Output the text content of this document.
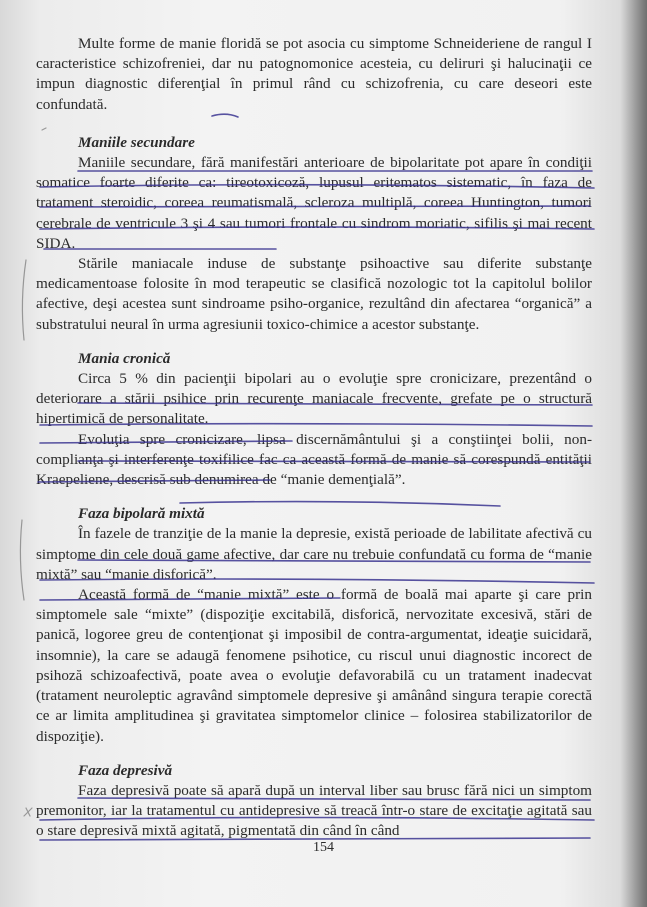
Multe forme de manie floridă se pot asocia cu simptome Schneideriene de rangul I caracteristice schizofreniei, dar nu patognomonice acesteia, cu deliruri şi halucinaţii ce impun diagnostic diferenţial în primul rând cu schizofrenia, cu care deseori este confundată.

Maniile secundare

Maniile secundare, fără manifestări anterioare de bipolaritate pot apare în condiţii somatice foarte diferite ca: tireotoxicoză, lupusul eritematos sistematic, în faza de tratament steroidic, coreea reumatismală, scleroza multiplă, coreea Huntington, tumori cerebrale de ventricule 3 şi 4 sau tumori frontale cu sindrom moriatic, sifilis şi mai recent SIDA.

Stările maniacale induse de substanţe psihoactive sau diferite substanţe medicamentoase folosite în mod terapeutic se clasifică nozologic tot la capitolul bolilor afective, deşi acestea sunt sindroame psiho-organice, rezultând din afectarea “organică” a substratului neural în urma agresiunii toxico-chimice a acestor substanţe.

Mania cronică

Circa 5 % din pacienţii bipolari au o evoluţie spre cronicizare, prezentând o deteriorare a stării psihice prin recurenţe maniacale frecvente, grefate pe o structură hipertimică de personalitate.

Evoluţia spre cronicizare, lipsa discernământului şi a conştiinţei bolii, non-complianţa şi interferenţe toxifilice fac ca această formă de manie să corespundă entităţii Kraepeliene, descrisă sub denumirea de “manie demenţială”.

Faza bipolară mixtă

În fazele de tranziţie de la manie la depresie, există perioade de labilitate afectivă cu simptome din cele două game afective, dar care nu trebuie confundată cu forma de “manie mixtă” sau “manie disforică”.

Această formă de “manie mixtă” este o formă de boală mai aparte şi care prin simptomele sale “mixte” (dispoziţie excitabilă, disforică, nervozitate excesivă, stări de panică, logoree greu de contenţionat şi imposibil de contra-argumentat, ideaţie suicidară, insomnie), la care se adaugă fenomene psihotice, cu riscul unui diagnostic incorect de psihoză schizoafectivă, poate avea o evoluţie defavorabilă cu un tratament inadecvat (tratament neuroleptic agravând simptomele depresive şi amânând singura terapie corectă ce ar limita amplitudinea şi gravitatea simptomelor clinice – folosirea stabilizatorilor de dispoziţie).

Faza depresivă

Faza depresivă poate să apară după un interval liber sau brusc fără nici un simptom premonitor, iar la tratamentul cu antidepresive să treacă într-o stare de excitaţie agitată sau o stare depresivă mixtă agitată, pigmentată din când în când

154
